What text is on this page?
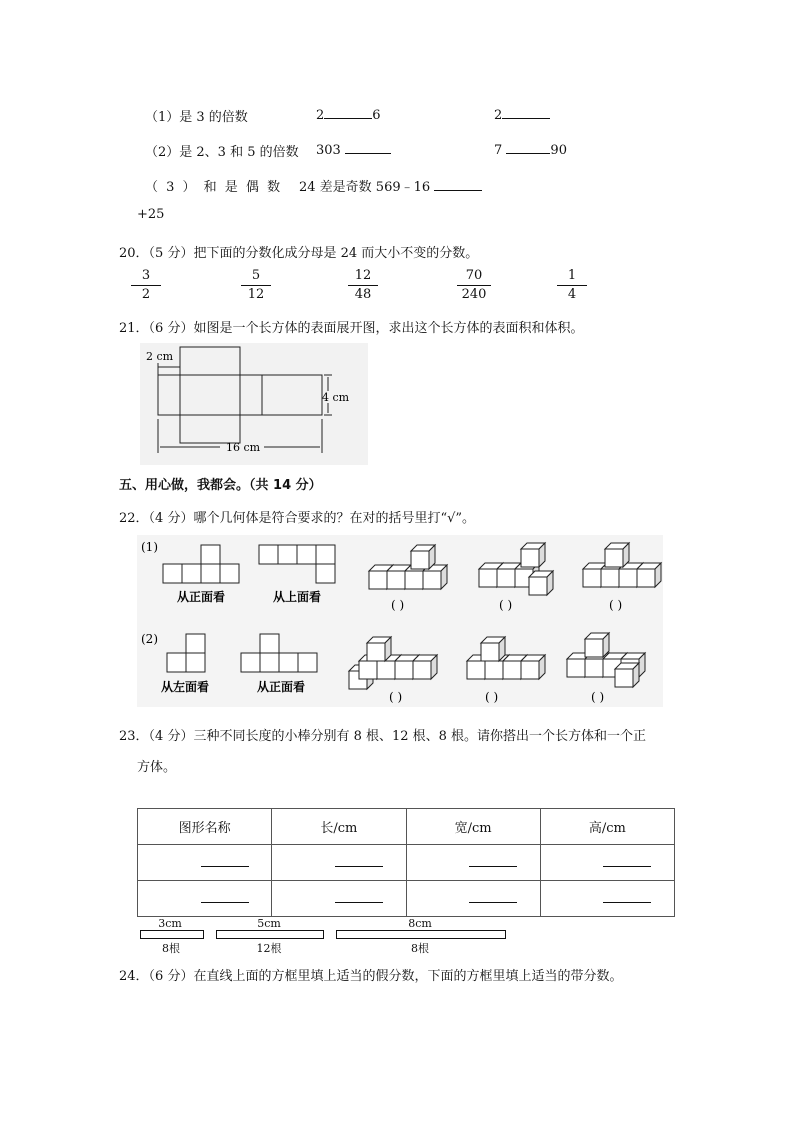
（1）是 3 的倍数	2	6	2
（2）是 2、3 和 5 的倍数 303	7	90
（ 3 ） 和 是 偶 数 24 差是奇数 569﹣16
+25
20．（5 分）把下面的分数化成分母是 24 而大小不变的分数。
3
2
5
12
12
48
70
240
1
4
21．（6 分）如图是一个长方体的表面展开图，求出这个长方体的表面积和体积。
2 cm
4 cm
16 cm
五、用心做，我都会。（共 14 分）
22．（4 分）哪个几何体是符合要求的？在对的括号里打“√”。
(1)
从正面看	从上面看
( )	( )	( )
(2)
从左面看	从正面看
( )	( )	( )
23．（4 分）三种不同长度的小棒分别有 8 根、12 根、8 根。请你搭出一个长方体和一个正
方体。
图形名称	长/cm	宽/cm	高/cm

3cm
8根
5cm
12根
8cm
8根
24．（6 分）在直线上面的方框里填上适当的假分数，下面的方框里填上适当的带分数。
